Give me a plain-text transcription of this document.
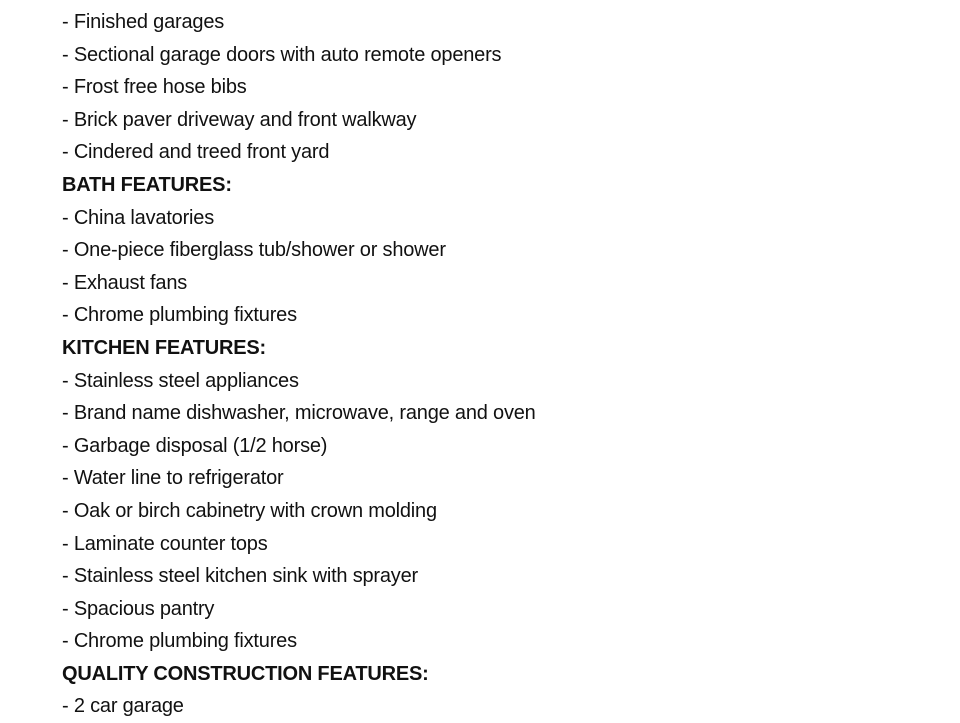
- Finished garages
- Sectional garage doors with auto remote openers
- Frost free hose bibs
- Brick paver driveway and front walkway
- Cindered and treed front yard
BATH FEATURES:
- China lavatories
- One-piece fiberglass tub/shower or shower
- Exhaust fans
- Chrome plumbing fixtures
KITCHEN FEATURES:
- Stainless steel appliances
- Brand name dishwasher, microwave, range and oven
- Garbage disposal (1/2 horse)
- Water line to refrigerator
- Oak or birch cabinetry with crown molding
- Laminate counter tops
- Stainless steel kitchen sink with sprayer
- Spacious pantry
- Chrome plumbing fixtures
QUALITY CONSTRUCTION FEATURES:
- 2 car garage
